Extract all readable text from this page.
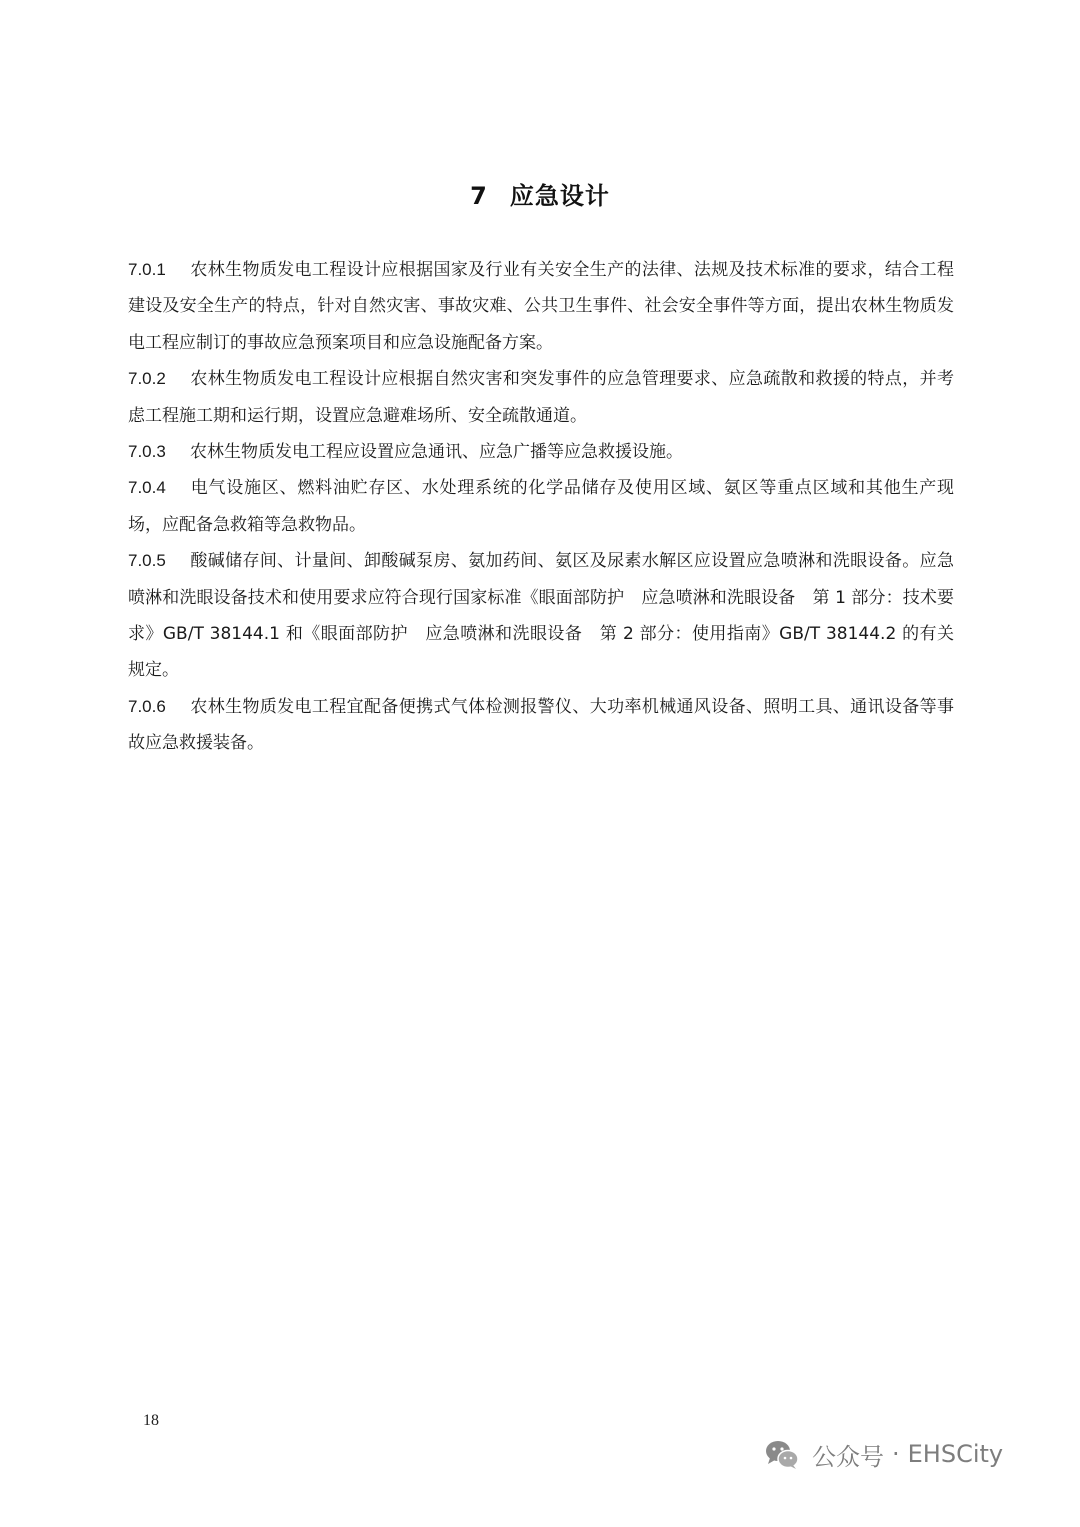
7 应急设计

7.0.1 农林生物质发电工程设计应根据国家及行业有关安全生产的法律、法规及技术标准的要求，结合工程建设及安全生产的特点，针对自然灾害、事故灾难、公共卫生事件、社会安全事件等方面，提出农林生物质发电工程应制订的事故应急预案项目和应急设施配备方案。

7.0.2 农林生物质发电工程设计应根据自然灾害和突发事件的应急管理要求、应急疏散和救援的特点，并考虑工程施工期和运行期，设置应急避难场所、安全疏散通道。

7.0.3 农林生物质发电工程应设置应急通讯、应急广播等应急救援设施。

7.0.4 电气设施区、燃料油贮存区、水处理系统的化学品储存及使用区域、氨区等重点区域和其他生产现场，应配备急救箱等急救物品。

7.0.5 酸碱储存间、计量间、卸酸碱泵房、氨加药间、氨区及尿素水解区应设置应急喷淋和洗眼设备。应急喷淋和洗眼设备技术和使用要求应符合现行国家标准《眼面部防护　应急喷淋和洗眼设备　第 1 部分：技术要求》GB/T 38144.1 和《眼面部防护　应急喷淋和洗眼设备　第 2 部分：使用指南》GB/T 38144.2 的有关规定。

7.0.6 农林生物质发电工程宜配备便携式气体检测报警仪、大功率机械通风设备、照明工具、通讯设备等事故应急救援装备。

18
公众号 · EHSCity
